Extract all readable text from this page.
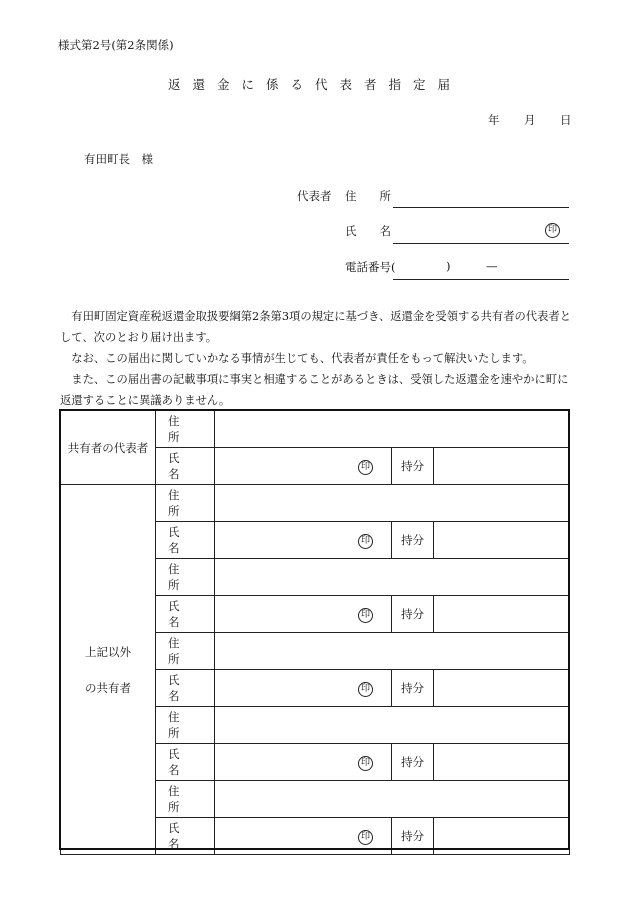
様式第2号(第2条関係)
返還金に係る代表者指定届
年 月 日
有田町長　様
代表者 住　　所
氏　　名	印
電話番号(	)	—

有田町固定資産税返還金取扱要綱第2条第3項の規定に基づき、返還金を受領する共有者の代表者として、次のとおり届け出ます。

なお、この届出に関していかなる事情が生じても、代表者が責任をもって解決いたします。

また、この届出書の記載事項に事実と相違することがあるときは、受領した返還金を速やかに町に返還することに異議ありません。

共有者の代表者	住所			
	氏名	印	持分	

上記以外
の共有者	住所			
	氏名	印	持分	
	住所			
	氏名	印	持分	
	住所			
	氏名	印	持分	
	住所			
	氏名	印	持分	
	住所			
	氏名	印	持分	
